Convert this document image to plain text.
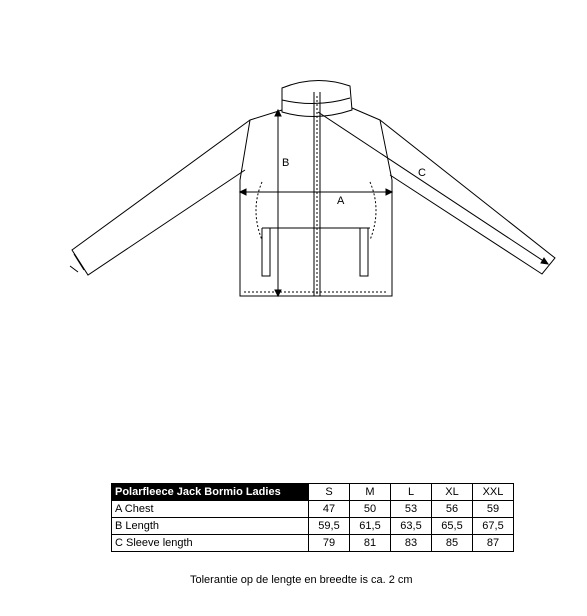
A
B
C
Polarfleece Jack Bormio Ladies	S	M	L	XL	XXL
A Chest	47	50	53	56	59
B Length	59,5	61,5	63,5	65,5	67,5
C Sleeve length	79	81	83	85	87
Tolerantie op de lengte en breedte is ca. 2 cm
